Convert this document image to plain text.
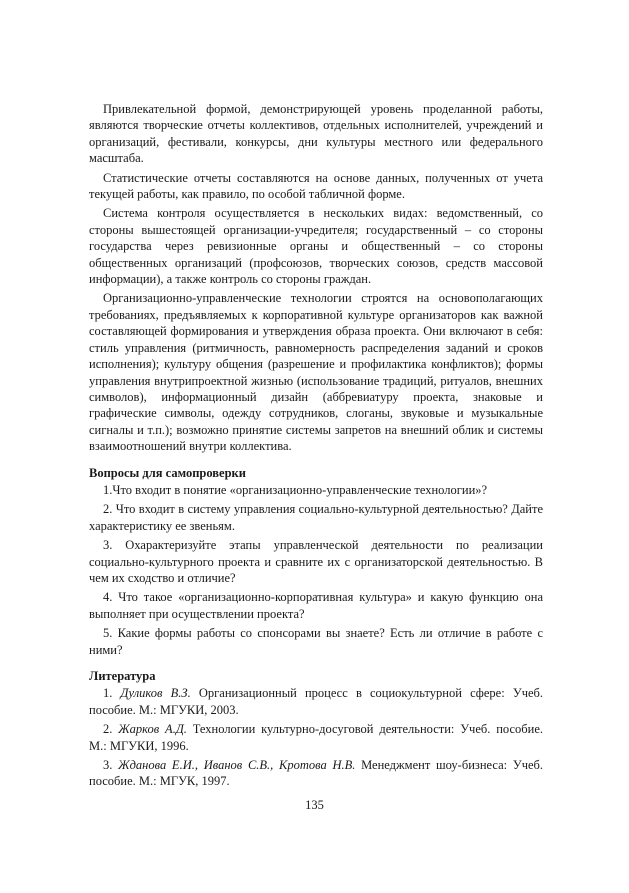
Привлекательной формой, демонстрирующей уровень проделанной работы, являются творческие отчеты коллективов, отдельных исполнителей, учреждений и организаций, фестивали, конкурсы, дни культуры местного или федерального масштаба.

Статистические отчеты составляются на основе данных, полученных от учета текущей работы, как правило, по особой табличной форме.

Система контроля осуществляется в нескольких видах: ведомственный, со стороны вышестоящей организации-учредителя; государственный – со стороны государства через ревизионные органы и общественный – со стороны общественных организаций (профсоюзов, творческих союзов, средств массовой информации), а также контроль со стороны граждан.

Организационно-управленческие технологии строятся на основополагающих требованиях, предъявляемых к корпоративной культуре организаторов как важной составляющей формирования и утверждения образа проекта. Они включают в себя: стиль управления (ритмичность, равномерность распределения заданий и сроков исполнения); культуру общения (разрешение и профилактика конфликтов); формы управления внутрипроектной жизнью (использование традиций, ритуалов, внешних символов), информационный дизайн (аббревиатуру проекта, знаковые и графические символы, одежду сотрудников, слоганы, звуковые и музыкальные сигналы и т.п.); возможно принятие системы запретов на внешний облик и системы взаимоотношений внутри коллектива.

Вопросы для самопроверки

1.Что входит в понятие «организационно-управленческие технологии»?

2. Что входит в систему управления социально-культурной деятельностью? Дайте характеристику ее звеньям.

3. Охарактеризуйте этапы управленческой деятельности по реализации социально-культурного проекта и сравните их с организаторской деятельностью. В чем их сходство и отличие?

4. Что такое «организационно-корпоративная культура» и какую функцию она выполняет при осуществлении проекта?

5. Какие формы работы со спонсорами вы знаете? Есть ли отличие в работе с ними?

Литература

1. Дуликов В.З. Организационный процесс в социокультурной сфере: Учеб. пособие. М.: МГУКИ, 2003.

2. Жарков А.Д. Технологии культурно-досуговой деятельности: Учеб. пособие. М.: МГУКИ, 1996.

3. Жданова Е.И., Иванов С.В., Кротова Н.В. Менеджмент шоу-бизнеса: Учеб. пособие. М.: МГУК, 1997.

135
